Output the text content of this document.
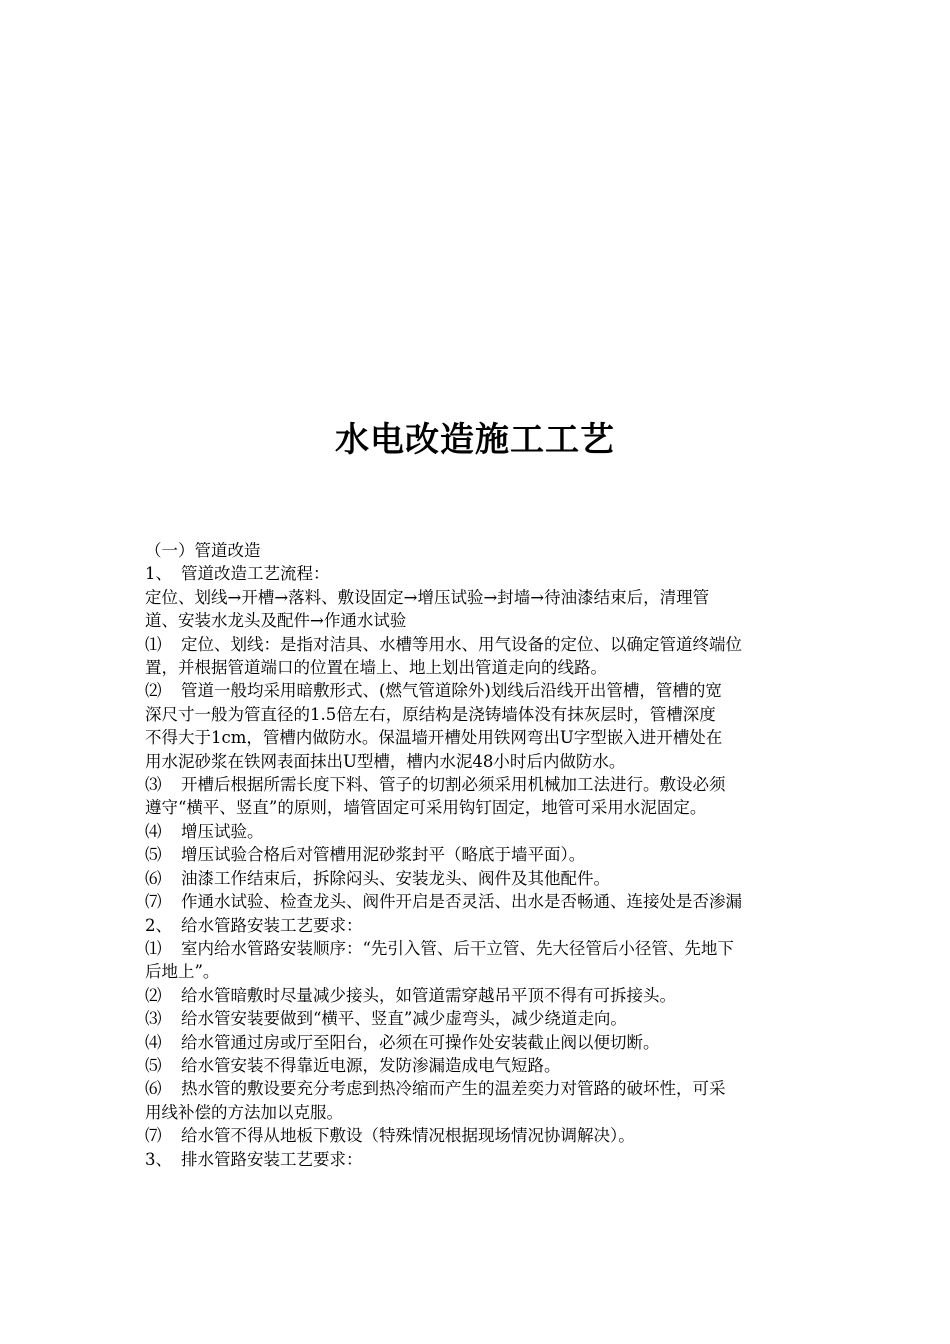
水电改造施工工艺
（一）管道改造
1、 管道改造工艺流程：
定位、划线→开槽→落料、敷设固定→增压试验→封墙→待油漆结束后，清理管
道、安装水龙头及配件→作通水试验
⑴ 定位、划线：是指对洁具、水槽等用水、用气设备的定位、以确定管道终端位
置，并根据管道端口的位置在墙上、地上划出管道走向的线路。
⑵ 管道一般均采用暗敷形式、(燃气管道除外)划线后沿线开出管槽，管槽的宽
深尺寸一般为管直径的1.5倍左右，原结构是浇铸墙体没有抹灰层时，管槽深度
不得大于1cm，管槽内做防水。保温墙开槽处用铁网弯出U字型嵌入进开槽处在
用水泥砂浆在铁网表面抹出U型槽，槽内水泥48小时后内做防水。
⑶ 开槽后根据所需长度下料、管子的切割必须采用机械加工法进行。敷设必须
遵守“横平、竖直”的原则，墙管固定可采用钩钉固定，地管可采用水泥固定。
⑷ 增压试验。
⑸ 增压试验合格后对管槽用泥砂浆封平（略底于墙平面）。
⑹ 油漆工作结束后，拆除闷头、安装龙头、阀件及其他配件。
⑺ 作通水试验、检查龙头、阀件开启是否灵活、出水是否畅通、连接处是否渗漏
2、 给水管路安装工艺要求：
⑴ 室内给水管路安装顺序：“先引入管、后干立管、先大径管后小径管、先地下
后地上”。
⑵ 给水管暗敷时尽量减少接头，如管道需穿越吊平顶不得有可拆接头。
⑶ 给水管安装要做到“横平、竖直”减少虚弯头，减少绕道走向。
⑷ 给水管通过房或厅至阳台，必须在可操作处安装截止阀以便切断。
⑸ 给水管安装不得靠近电源，发防渗漏造成电气短路。
⑹ 热水管的敷设要充分考虑到热冷缩而产生的温差奕力对管路的破坏性，可采
用线补偿的方法加以克服。
⑺ 给水管不得从地板下敷设（特殊情况根据现场情况协调解决）。
3、 排水管路安装工艺要求：
